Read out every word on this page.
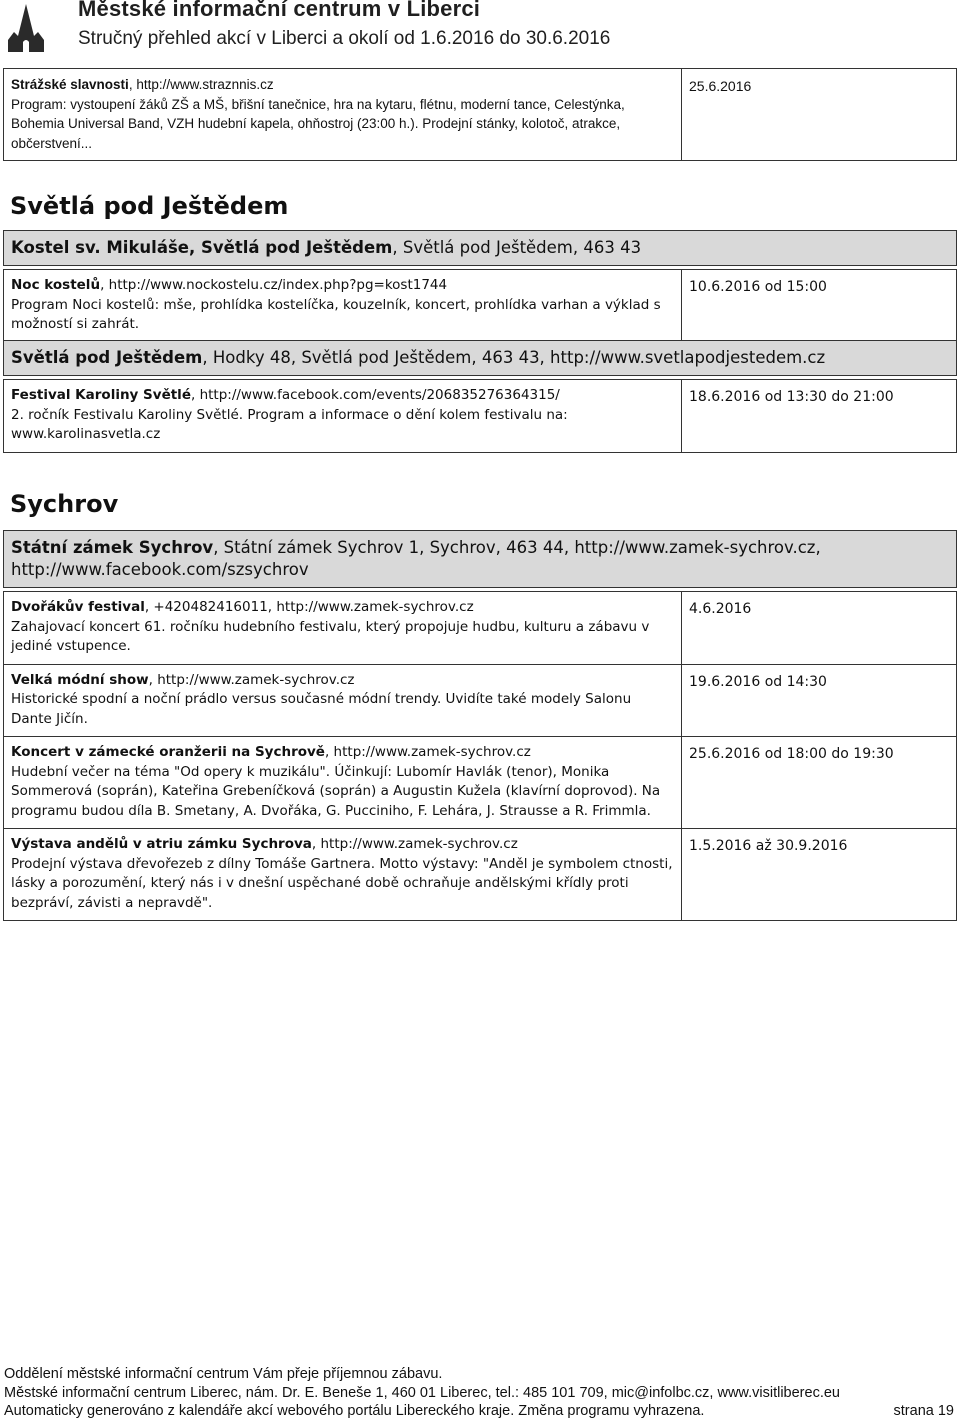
Městské informační centrum v Liberci
Stručný přehled akcí v Liberci a okolí od 1.6.2016 do 30.6.2016
Strážské slavnosti, http://www.straznnis.cz
Program: vystoupení žáků ZŠ a MŠ, břišní tanečnice, hra na kytaru, flétnu, moderní tance, Celestýnka, Bohemia Universal Band, VZH hudební kapela, ohňostroj (23:00 h.). Prodejní stánky, kolotoč, atrakce, občerstvení...	25.6.2016
Světlá pod Ještědem
Kostel sv. Mikuláše, Světlá pod Ještědem, Světlá pod Ještědem, 463 43
Noc kostelů, http://www.nockostelu.cz/index.php?pg=kost1744
Program Noci kostelů: mše, prohlídka kostelíčka, kouzelník, koncert, prohlídka varhan a výklad s možností si zahrát.	10.6.2016 od 15:00
Světlá pod Ještědem, Hodky 48, Světlá pod Ještědem, 463 43, http://www.svetlapodjestedem.cz
Festival Karoliny Světlé, http://www.facebook.com/events/206835276364315/
2. ročník Festivalu Karoliny Světlé. Program a informace o dění kolem festivalu na: www.karolinasvetla.cz	18.6.2016 od 13:30 do 21:00
Sychrov
Státní zámek Sychrov, Státní zámek Sychrov 1, Sychrov, 463 44, http://www.zamek-sychrov.cz, http://www.facebook.com/szsychrov
Dvořákův festival, +420482416011, http://www.zamek-sychrov.cz
Zahajovací koncert 61. ročníku hudebního festivalu, který propojuje hudbu, kulturu a zábavu v jediné vstupence.	4.6.2016
Velká módní show, http://www.zamek-sychrov.cz
Historické spodní a noční prádlo versus současné módní trendy. Uvidíte také modely Salonu Dante Jičín.	19.6.2016 od 14:30
Koncert v zámecké oranžerii na Sychrově, http://www.zamek-sychrov.cz
Hudební večer na téma "Od opery k muzikálu". Účinkují: Lubomír Havlák (tenor), Monika Sommerová (soprán), Kateřina Grebeníčková (soprán) a Augustin Kužela (klavírní doprovod). Na programu budou díla B. Smetany, A. Dvořáka, G. Pucciniho, F. Lehára, J. Strausse a R. Frimmla.	25.6.2016 od 18:00 do 19:30
Výstava andělů v atriu zámku Sychrova, http://www.zamek-sychrov.cz
Prodejní výstava dřevořezeb z dílny Tomáše Gartnera. Motto výstavy: "Anděl je symbolem ctnosti, lásky a porozumění, který nás i v dnešní uspěchané době ochraňuje andělskými křídly proti bezpráví, závisti a nepravdě".	1.5.2016 až 30.9.2016
Oddělení městské informační centrum Vám přeje příjemnou zábavu.
Městské informační centrum Liberec, nám. Dr. E. Beneše 1, 460 01 Liberec, tel.: 485 101 709, mic@infolbc.cz, www.visitliberec.eu
Automaticky generováno z kalendáře akcí webového portálu Libereckého kraje. Změna programu vyhrazena.	strana 19
